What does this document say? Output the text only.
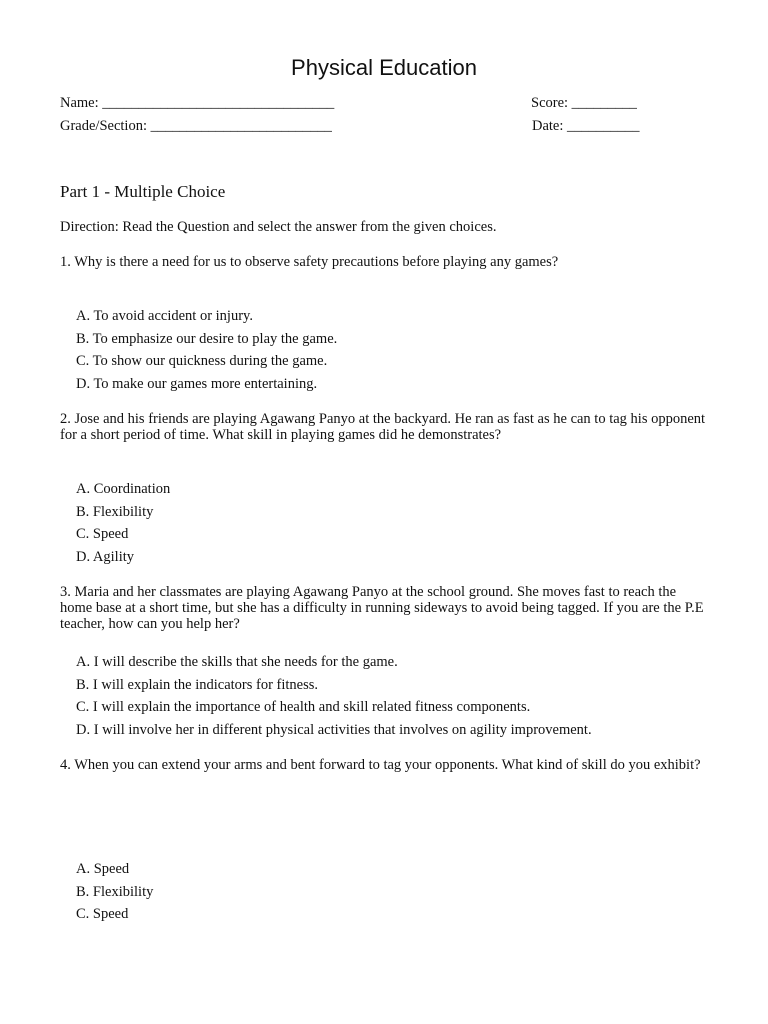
Physical Education
Name: ________________________________	Score: _________
Grade/Section: _________________________	Date: __________
Part 1 - Multiple Choice
Direction: Read the Question and select the answer from the given choices.
1. Why is there a need for us to observe safety precautions before playing any games?
A. To avoid accident or injury.
B. To emphasize our desire to play the game.
C. To show our quickness during the game.
D. To make our games more entertaining.
2. Jose and his friends are playing Agawang Panyo at the backyard. He ran as fast as he can to tag his opponent for a short period of time. What skill in playing games did he demonstrates?
A. Coordination
B. Flexibility
C. Speed
D. Agility
3. Maria and her classmates are playing Agawang Panyo at the school ground. She moves fast to reach the home base at a short time, but she has a difficulty in running sideways to avoid being tagged. If you are the P.E teacher, how can you help her?
A. I will describe the skills that she needs for the game.
B. I will explain the indicators for fitness.
C. I will explain the importance of health and skill related fitness components.
D. I will involve her in different physical activities that involves on agility improvement.
4. When you can extend your arms and bent forward to tag your opponents. What kind of skill do you exhibit?
A. Speed
B. Flexibility
C. Speed
